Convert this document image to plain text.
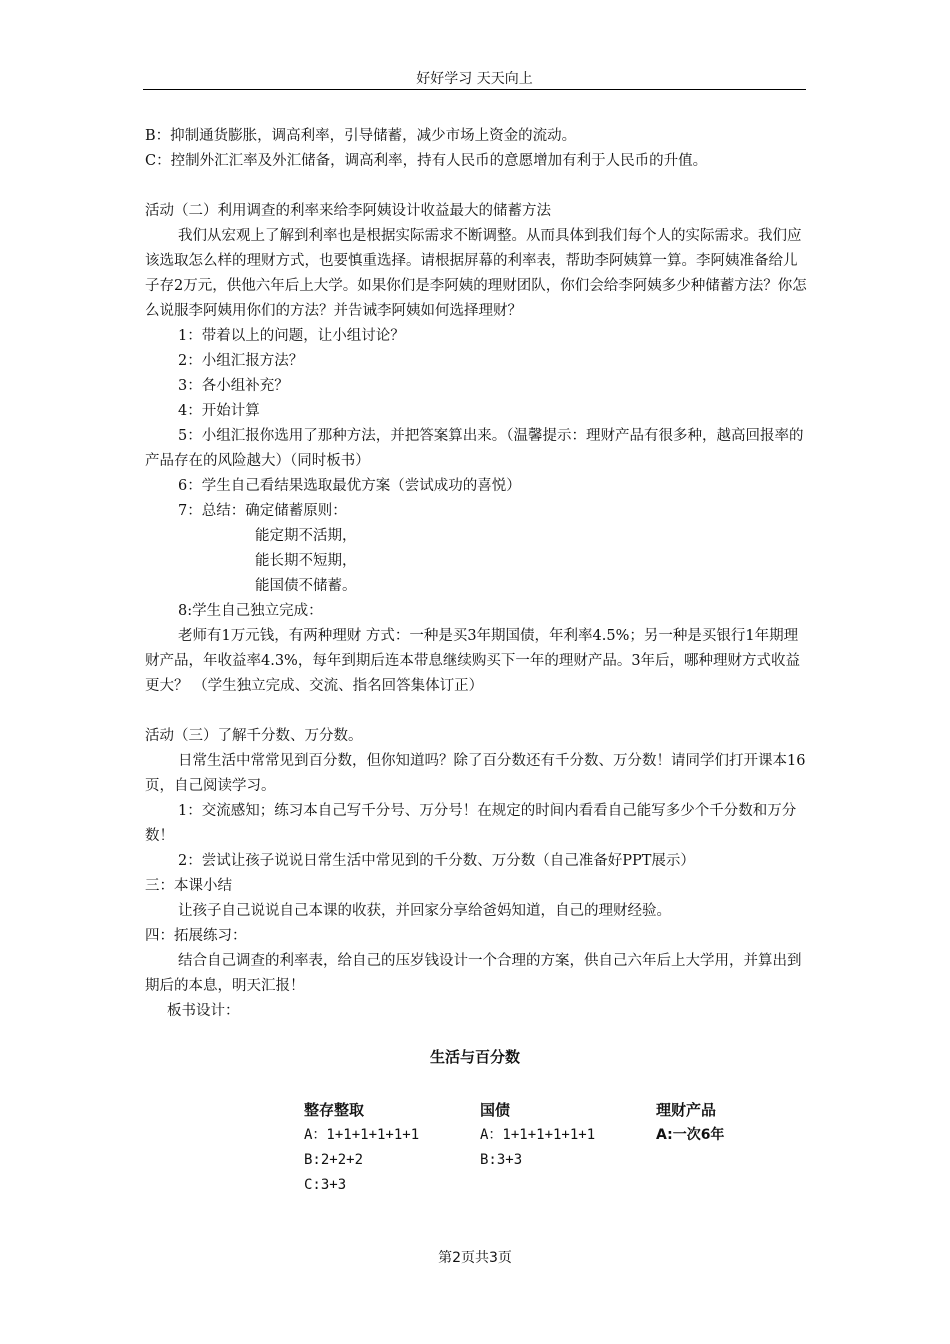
好好学习 天天向上

B：抑制通货膨胀，调高利率，引导储蓄，减少市场上资金的流动。

C：控制外汇汇率及外汇储备，调高利率，持有人民币的意愿增加有利于人民币的升值。

活动（二）利用调查的利率来给李阿姨设计收益最大的储蓄方法

我们从宏观上了解到利率也是根据实际需求不断调整。从而具体到我们每个人的实际需求。我们应该选取怎么样的理财方式，也要慎重选择。请根据屏幕的利率表，帮助李阿姨算一算。李阿姨准备给儿子存2万元，供他六年后上大学。如果你们是李阿姨的理财团队，你们会给李阿姨多少种储蓄方法？你怎么说服李阿姨用你们的方法？并告诫李阿姨如何选择理财？

1：带着以上的问题，让小组讨论？

2：小组汇报方法？

3：各小组补充？

4：开始计算

5：小组汇报你选用了那种方法，并把答案算出来。（温馨提示：理财产品有很多种，越高回报率的产品存在的风险越大）（同时板书）

6：学生自己看结果选取最优方案（尝试成功的喜悦）

7：总结：确定储蓄原则：

能定期不活期，

能长期不短期，

能国债不储蓄。

8:学生自己独立完成：

老师有1万元钱，有两种理财 方式：一种是买3年期国债，年利率4.5%；另一种是买银行1年期理财产品，年收益率4.3%，每年到期后连本带息继续购买下一年的理财产品。3年后，哪种理财方式收益更大？ （学生独立完成、交流、指名回答集体订正）

活动（三）了解千分数、万分数。

日常生活中常常见到百分数，但你知道吗？除了百分数还有千分数、万分数！请同学们打开课本16页，自己阅读学习。

1：交流感知；练习本自己写千分号、万分号！在规定的时间内看看自己能写多少个千分数和万分数！

2：尝试让孩子说说日常生活中常见到的千分数、万分数（自己准备好PPT展示）

三：本课小结

让孩子自己说说自己本课的收获，并回家分享给爸妈知道，自己的理财经验。

四：拓展练习：

结合自己调查的利率表，给自己的压岁钱设计一个合理的方案，供自己六年后上大学用，并算出到期后的本息，明天汇报！

板书设计：

生活与百分数
整存整取
A：1+1+1+1+1+1
B:2+2+2
C:3+3
国债
A：1+1+1+1+1+1
B:3+3
理财产品
A:一次6年
第2页共3页
